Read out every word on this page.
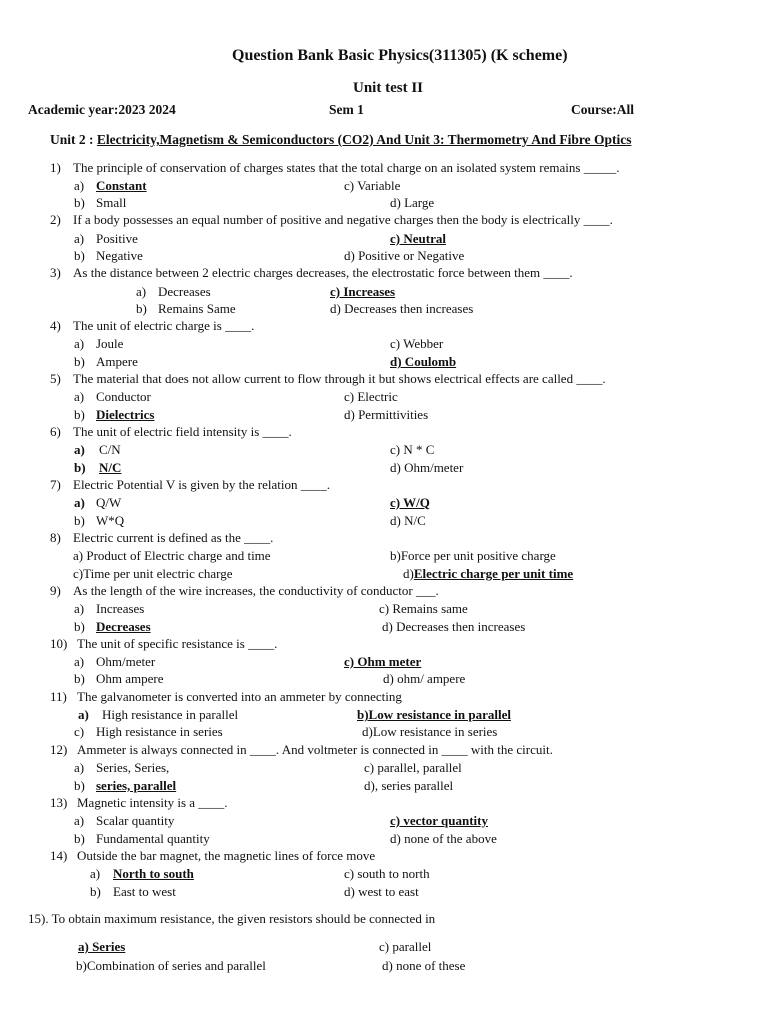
Question Bank Basic Physics(311305) (K scheme)
Unit test II
Academic year:2023 2024	Sem 1	Course:All
Unit 2 : Electricity,Magnetism & Semiconductors (CO2) And Unit 3: Thermometry And Fibre Optics
1) The principle of conservation of charges states that the total charge on an isolated system remains _____.
a) Constant	c) Variable
b) Small	d) Large
2) If a body possesses an equal number of positive and negative charges then the body is electrically ____.
a) Positive	c) Neutral
b) Negative	d) Positive or Negative
3) As the distance between 2 electric charges decreases, the electrostatic force between them ____.
a) Decreases	c) Increases
b) Remains Same	d) Decreases then increases
4) The unit of electric charge is ____.
a) Joule	c) Webber
b) Ampere	d) Coulomb
5) The material that does not allow current to flow through it but shows electrical effects are called ____.
a) Conductor	c) Electric
b) Dielectrics	d) Permittivities
6) The unit of electric field intensity is ____.
a) C/N	c) N * C
b) N/C	d) Ohm/meter
7) Electric Potential V is given by the relation ____.
a) Q/W	c) W/Q
b) W*Q	d) N/C
8) Electric current is defined as the ____.
a) Product of Electric charge and time	b)Force per unit positive charge
c)Time per unit electric charge	d)Electric charge per unit time
9) As the length of the wire increases, the conductivity of conductor ___.
a) Increases	c) Remains same
b) Decreases	d) Decreases then increases
10) The unit of specific resistance is ____.
a) Ohm/meter	c) Ohm meter
b) Ohm ampere	d) ohm/ ampere
11) The galvanometer is converted into an ammeter by connecting
a) High resistance in parallel	b)Low resistance in parallel
c) High resistance in series	d)Low resistance in series
12) Ammeter is always connected in ____. And voltmeter is connected in ____ with the circuit.
a) Series, Series,	c) parallel, parallel
b) series, parallel	d), series parallel
13) Magnetic intensity is a ____.
a) Scalar quantity	c) vector quantity
b) Fundamental quantity	d) none of the above
14) Outside the bar magnet, the magnetic lines of force move
a) North to south	c) south to north
b) East to west	d) west to east
15). To obtain maximum resistance, the given resistors should be connected in
a) Series	c) parallel
b)Combination of series and parallel	d) none of these
